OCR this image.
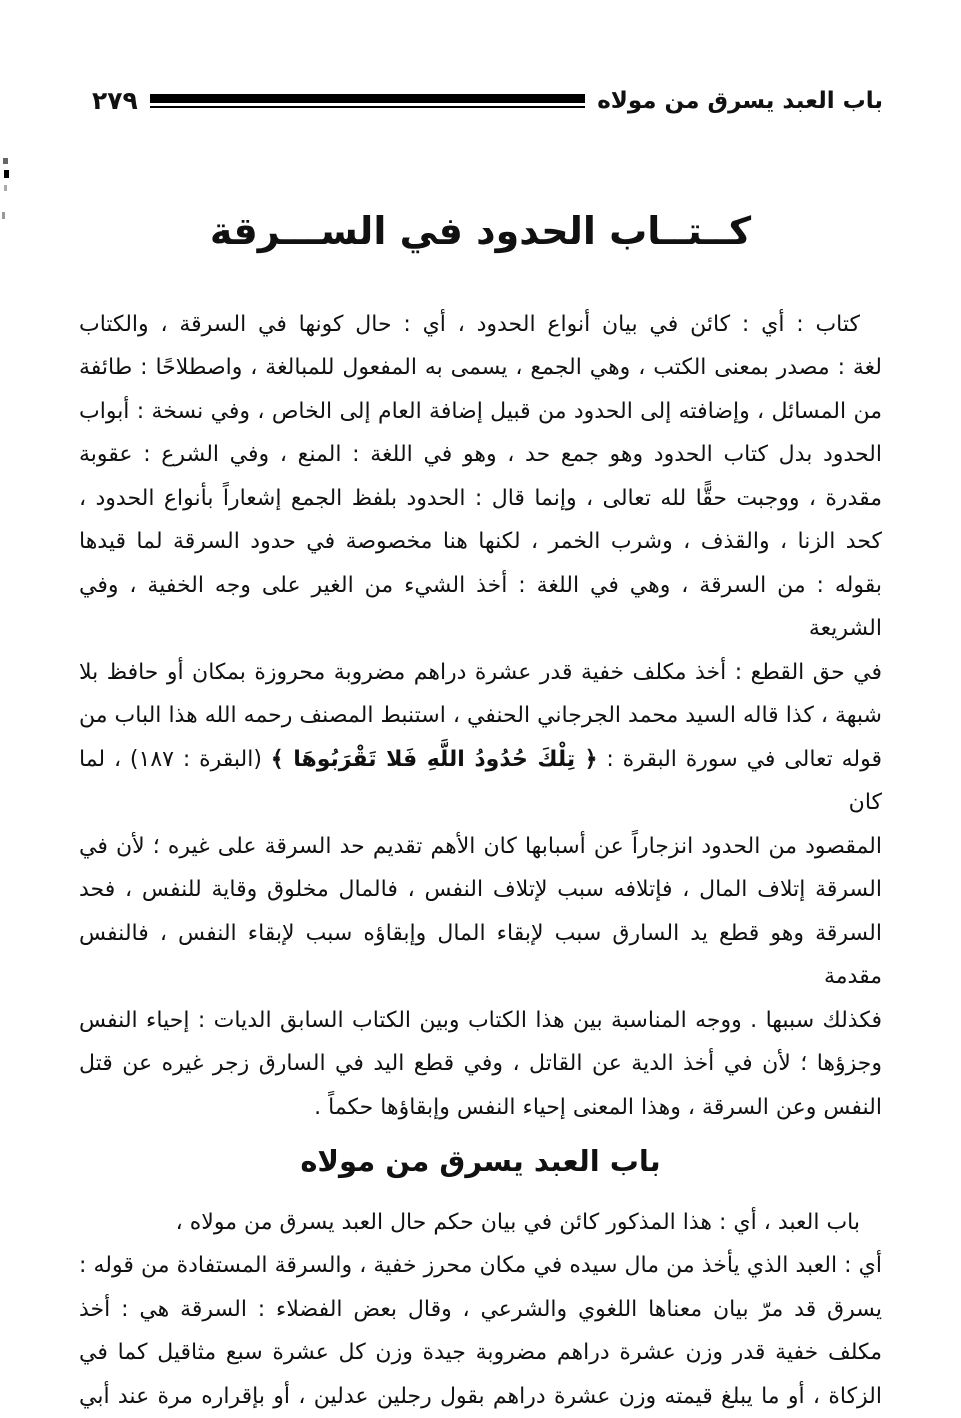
باب العبد يسرق من مولاه
٢٧٩
كــتــاب الحدود في الســـرقة

كتاب : أي : كائن في بيان أنواع الحدود ، أي : حال كونها في السرقة ، والكتاب

لغة : مصدر بمعنى الكتب ، وهي الجمع ، يسمى به المفعول للمبالغة ، واصطلاحًا : طائفة

من المسائل ، وإضافته إلى الحدود من قبيل إضافة العام إلى الخاص ، وفي نسخة : أبواب

الحدود بدل كتاب الحدود وهو جمع حد ، وهو في اللغة : المنع ، وفي الشرع : عقوبة

مقدرة ، ووجبت حقًّا لله تعالى ، وإنما قال : الحدود بلفظ الجمع إشعاراً بأنواع الحدود ،

كحد الزنا ، والقذف ، وشرب الخمر ، لكنها هنا مخصوصة في حدود السرقة لما قيدها

بقوله : من السرقة ، وهي في اللغة : أخذ الشيء من الغير على وجه الخفية ، وفي الشريعة

في حق القطع : أخذ مكلف خفية قدر عشرة دراهم مضروبة محروزة بمكان أو حافظ بلا

شبهة ، كذا قاله السيد محمد الجرجاني الحنفي ، استنبط المصنف رحمه الله هذا الباب من

قوله تعالى في سورة البقرة : ﴿ تِلْكَ حُدُودُ اللَّهِ فَلا تَقْرَبُوهَا ﴾ (البقرة : ١٨٧) ، لما كان

المقصود من الحدود انزجاراً عن أسبابها كان الأهم تقديم حد السرقة على غيره ؛ لأن في

السرقة إتلاف المال ، فإتلافه سبب لإتلاف النفس ، فالمال مخلوق وقاية للنفس ، فحد

السرقة وهو قطع يد السارق سبب لإبقاء المال وإبقاؤه سبب لإبقاء النفس ، فالنفس مقدمة

فكذلك سببها . ووجه المناسبة بين هذا الكتاب وبين الكتاب السابق الديات : إحياء النفس

وجزؤها ؛ لأن في أخذ الدية عن القاتل ، وفي قطع اليد في السارق زجر غيره عن قتل

النفس وعن السرقة ، وهذا المعنى إحياء النفس وإبقاؤها حكماً .

باب العبد يسرق من مولاه

باب العبد ، أي : هذا المذكور كائن في بيان حكم حال العبد يسرق من مولاه ،

أي : العبد الذي يأخذ من مال سيده في مكان محرز خفية ، والسرقة المستفادة من قوله :

يسرق قد مرّ بيان معناها اللغوي والشرعي ، وقال بعض الفضلاء : السرقة هي : أخذ

مكلف خفية قدر وزن عشرة دراهم مضروبة جيدة وزن كل عشرة سبع مثاقيل كما في

الزكاة ، أو ما يبلغ قيمته وزن عشرة دراهم بقول رجلين عدلين ، أو بإقراره مرة عند أبي
